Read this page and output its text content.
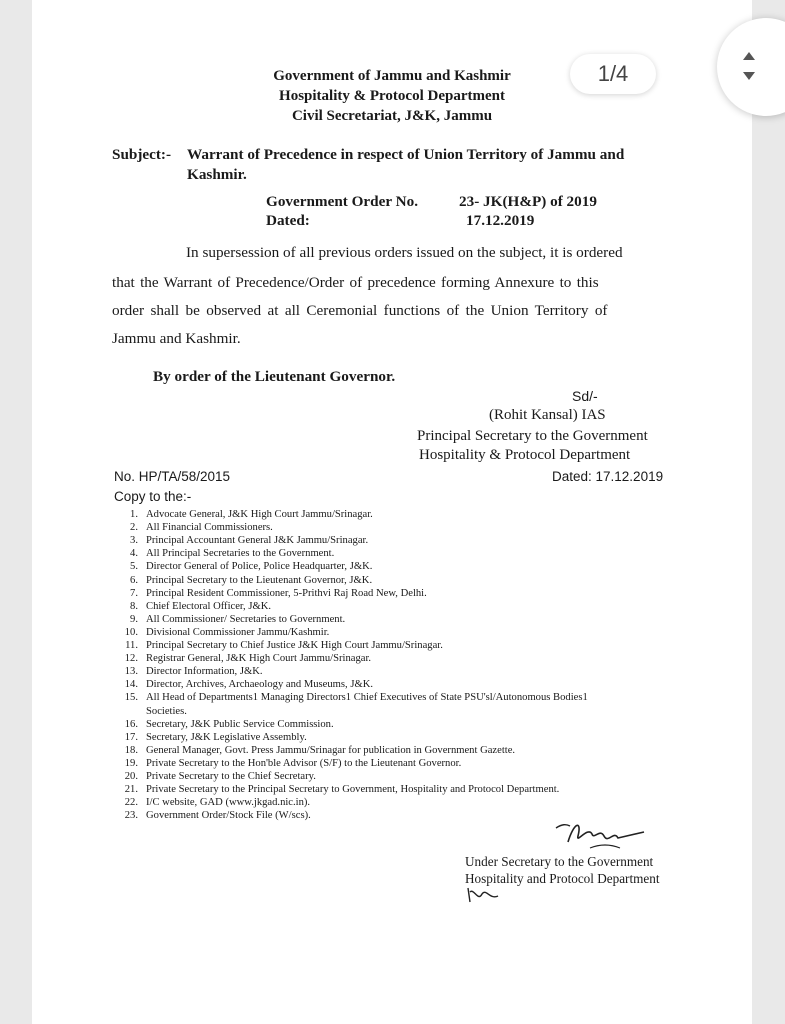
Government of Jammu and Kashmir
Hospitality & Protocol Department
Civil Secretariat, J&K, Jammu
Subject:- Warrant of Precedence in respect of Union Territory of Jammu and
Kashmir.
Government Order No.	23- JK(H&P) of 2019
Dated:	17.12.2019
In supersession of all previous orders issued on the subject, it is ordered
that the Warrant of Precedence/Order of precedence forming Annexure to this
order shall be observed at all Ceremonial functions of the Union Territory of
Jammu and Kashmir.
By order of the Lieutenant Governor.
Sd/-
(Rohit Kansal) IAS
Principal Secretary to the Government
Hospitality & Protocol Department
Dated: 17.12.2019
No. HP/TA/58/2015
Copy to the:-
1. Advocate General, J&K High Court Jammu/Srinagar.
2. All Financial Commissioners.
3. Principal Accountant General J&K Jammu/Srinagar.
4. All Principal Secretaries to the Government.
5. Director General of Police, Police Headquarter, J&K.
6. Principal Secretary to the Lieutenant Governor, J&K.
7. Principal Resident Commissioner, 5-Prithvi Raj Road New, Delhi.
8. Chief Electoral Officer, J&K.
9. All Commissioner/ Secretaries to Government.
10. Divisional Commissioner Jammu/Kashmir.
11. Principal Secretary to Chief Justice J&K High Court Jammu/Srinagar.
12. Registrar General, J&K High Court Jammu/Srinagar.
13. Director Information, J&K.
14. Director, Archives, Archaeology and Museums, J&K.
15. All Head of Departments1 Managing Directors1 Chief Executives of State PSU'sl/Autonomous Bodies1
Societies.
16. Secretary, J&K Public Service Commission.
17. Secretary, J&K Legislative Assembly.
18. General Manager, Govt. Press Jammu/Srinagar for publication in Government Gazette.
19. Private Secretary to the Hon'ble Advisor (S/F) to the Lieutenant Governor.
20. Private Secretary to the Chief Secretary.
21. Private Secretary to the Principal Secretary to Government, Hospitality and Protocol Department.
22. I/C website, GAD (www.jkgad.nic.in).
23. Government Order/Stock File (W/scs).
Under Secretary to the Government
Hospitality and Protocol Department
1/4
